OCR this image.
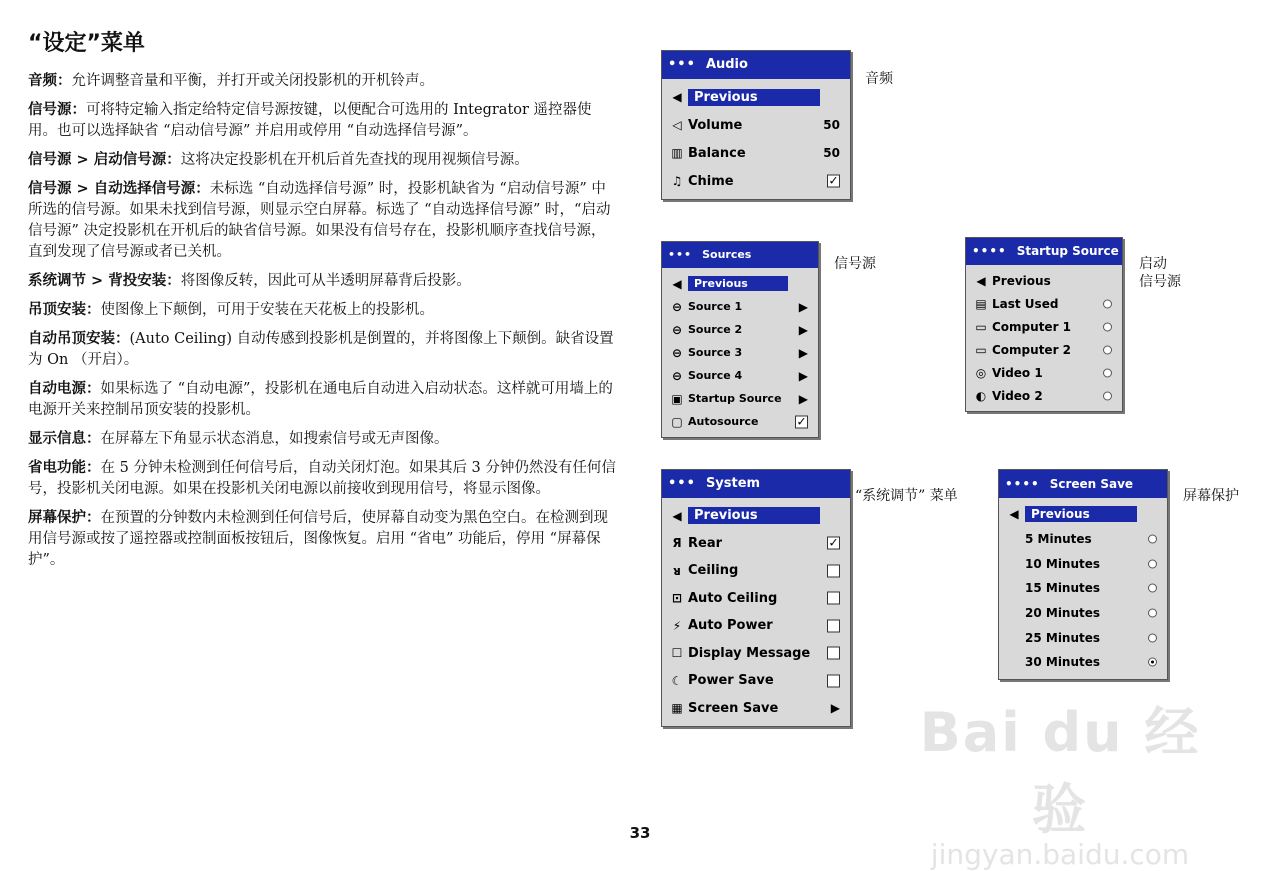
“设定”菜单
音频：允许调整音量和平衡，并打开或关闭投影机的开机铃声。
信号源：可将特定输入指定给特定信号源按键，以便配合可选用的 Integrator 遥控器使用。也可以选择缺省 “启动信号源” 并启用或停用 “自动选择信号源”。
信号源 > 启动信号源：这将决定投影机在开机后首先查找的现用视频信号源。
信号源 > 自动选择信号源：未标选 “自动选择信号源” 时，投影机缺省为 “启动信号源” 中所选的信号源。如果未找到信号源，则显示空白屏幕。标选了 “自动选择信号源” 时，“启动信号源” 决定投影机在开机后的缺省信号源。如果没有信号存在，投影机顺序查找信号源，直到发现了信号源或者已关机。
系统调节 > 背投安装：将图像反转，因此可从半透明屏幕背后投影。
吊顶安装：使图像上下颠倒，可用于安装在天花板上的投影机。
自动吊顶安装：(Auto Ceiling) 自动传感到投影机是倒置的，并将图像上下颠倒。缺省设置为 On （开启）。
自动电源：如果标选了 “自动电源”，投影机在通电后自动进入启动状态。这样就可用墙上的电源开关来控制吊顶安装的投影机。
显示信息：在屏幕左下角显示状态消息，如搜索信号或无声图像。
省电功能：在 5 分钟未检测到任何信号后，自动关闭灯泡。如果其后 3 分钟仍然没有任何信号，投影机关闭电源。如果在投影机关闭电源以前接收到现用信号，将显示图像。
屏幕保护：在预置的分钟数内未检测到任何信号后，使屏幕自动变为黑色空白。在检测到现用信号源或按了遥控器或控制面板按钮后，图像恢复。启用 “省电” 功能后，停用 “屏幕保护”。
••• Audio
◀ Previous
◁ Volume	50
▥ Balance	50
♫ Chime	✓
音频
••• Sources
◀	Previous
⊖ Source 1	▶
⊖ Source 2	▶
⊖ Source 3	▶
⊖ Source 4	▶
▣ Startup Source ▶
▢ Autosource	✓
信号源
•••• Startup Source
◀ Previous
▤ Last Used
▭ Computer 1
▭ Computer 2
◎ Video 1
◐ Video 2
启动
信号源
••• System
◀ Previous
Я Rear	✓
ᴚ Ceiling
⊡ Auto Ceiling
⚡ Auto Power
☐ Display Message
☾ Power Save
▦ Screen Save	▶
“系统调节” 菜单
•••• Screen Save
◀	Previous
5 Minutes
10 Minutes
15 Minutes
20 Minutes
25 Minutes
30 Minutes
屏幕保护
Bai du 经验
jingyan.baidu.com
33
